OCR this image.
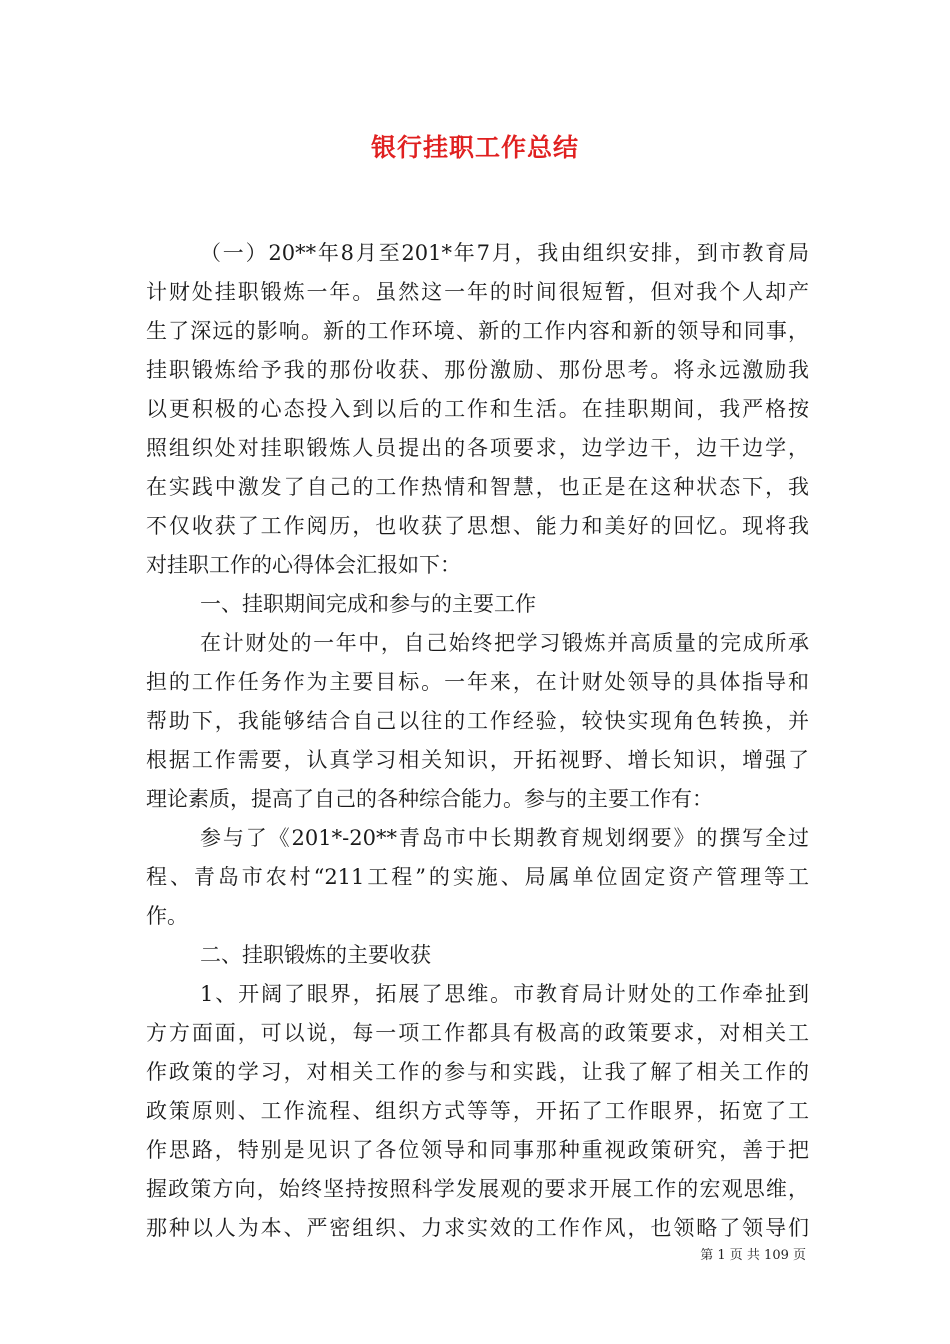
银行挂职工作总结
（一）20**年8月至201*年7月，我由组织安排，到市教育局
计财处挂职锻炼一年。虽然这一年的时间很短暂，但对我个人却产
生了深远的影响。新的工作环境、新的工作内容和新的领导和同事，
挂职锻炼给予我的那份收获、那份激励、那份思考。将永远激励我
以更积极的心态投入到以后的工作和生活。在挂职期间，我严格按
照组织处对挂职锻炼人员提出的各项要求，边学边干，边干边学，
在实践中激发了自己的工作热情和智慧，也正是在这种状态下，我
不仅收获了工作阅历，也收获了思想、能力和美好的回忆。现将我
对挂职工作的心得体会汇报如下：
一、挂职期间完成和参与的主要工作
在计财处的一年中，自己始终把学习锻炼并高质量的完成所承
担的工作任务作为主要目标。一年来，在计财处领导的具体指导和
帮助下，我能够结合自己以往的工作经验，较快实现角色转换，并
根据工作需要，认真学习相关知识，开拓视野、增长知识，增强了
理论素质，提高了自己的各种综合能力。参与的主要工作有：
参与了《201*-20**青岛市中长期教育规划纲要》的撰写全过
程、青岛市农村“211工程”的实施、局属单位固定资产管理等工
作。
二、挂职锻炼的主要收获
1、开阔了眼界，拓展了思维。市教育局计财处的工作牵扯到
方方面面，可以说，每一项工作都具有极高的政策要求，对相关工
作政策的学习，对相关工作的参与和实践，让我了解了相关工作的
政策原则、工作流程、组织方式等等，开拓了工作眼界，拓宽了工
作思路，特别是见识了各位领导和同事那种重视政策研究，善于把
握政策方向，始终坚持按照科学发展观的要求开展工作的宏观思维，
那种以人为本、严密组织、力求实效的工作作风，也领略了领导们
第 1 页 共 109 页
